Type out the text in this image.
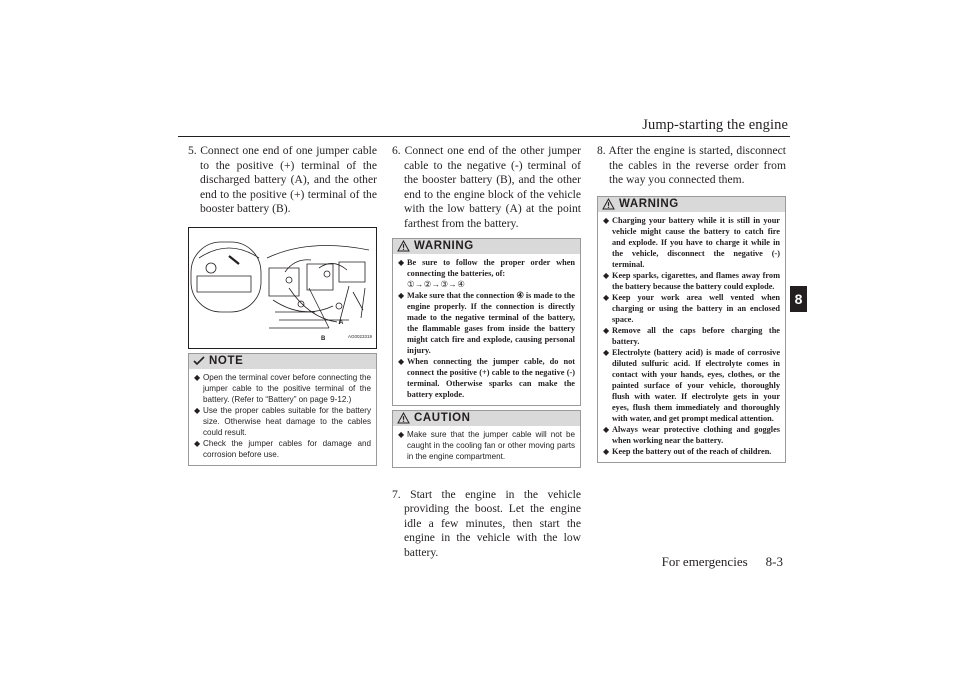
Jump-starting the engine
8
For emergencies 8-3

5. Connect one end of one jumper cable to the positive (+) terminal of the discharged battery (A), and the other end to the positive (+) terminal of the booster battery (B).

A
B	AG0023319
NOTE
◆ Open the terminal cover before connecting the jumper cable to the positive terminal of the battery. (Refer to “Battery” on page 9-12.)
◆ Use the proper cables suitable for the battery size. Otherwise heat damage to the cables could result.
◆ Check the jumper cables for damage and corrosion before use.

6. Connect one end of the other jumper cable to the negative (-) terminal of the booster battery (B), and the other end to the engine block of the vehicle with the low battery (A) at the point farthest from the battery.

WARNING
◆ Be sure to follow the proper order when connecting the batteries, of:
①→②→③→④
◆ Make sure that the connection ④ is made to the engine properly. If the connection is directly made to the negative terminal of the battery, the flammable gases from inside the battery might catch fire and explode, causing personal injury.
◆ When connecting the jumper cable, do not connect the positive (+) cable to the negative (-) terminal. Otherwise sparks can make the battery explode.
CAUTION
◆ Make sure that the jumper cable will not be caught in the cooling fan or other moving parts in the engine compartment.

7. Start the engine in the vehicle providing the boost. Let the engine idle a few minutes, then start the engine in the vehicle with the low battery.

8. After the engine is started, disconnect the cables in the reverse order from the way you connected them.

WARNING
◆ Charging your battery while it is still in your vehicle might cause the battery to catch fire and explode. If you have to charge it while in the vehicle, disconnect the negative (-) terminal.
◆ Keep sparks, cigarettes, and flames away from the battery because the battery could explode.
◆ Keep your work area well vented when charging or using the battery in an enclosed space.
◆ Remove all the caps before charging the battery.
◆ Electrolyte (battery acid) is made of corrosive diluted sulfuric acid. If electrolyte comes in contact with your hands, eyes, clothes, or the painted surface of your vehicle, thoroughly flush with water. If electrolyte gets in your eyes, flush them immediately and thoroughly with water, and get prompt medical attention.
◆ Always wear protective clothing and goggles when working near the battery.
◆ Keep the battery out of the reach of children.
